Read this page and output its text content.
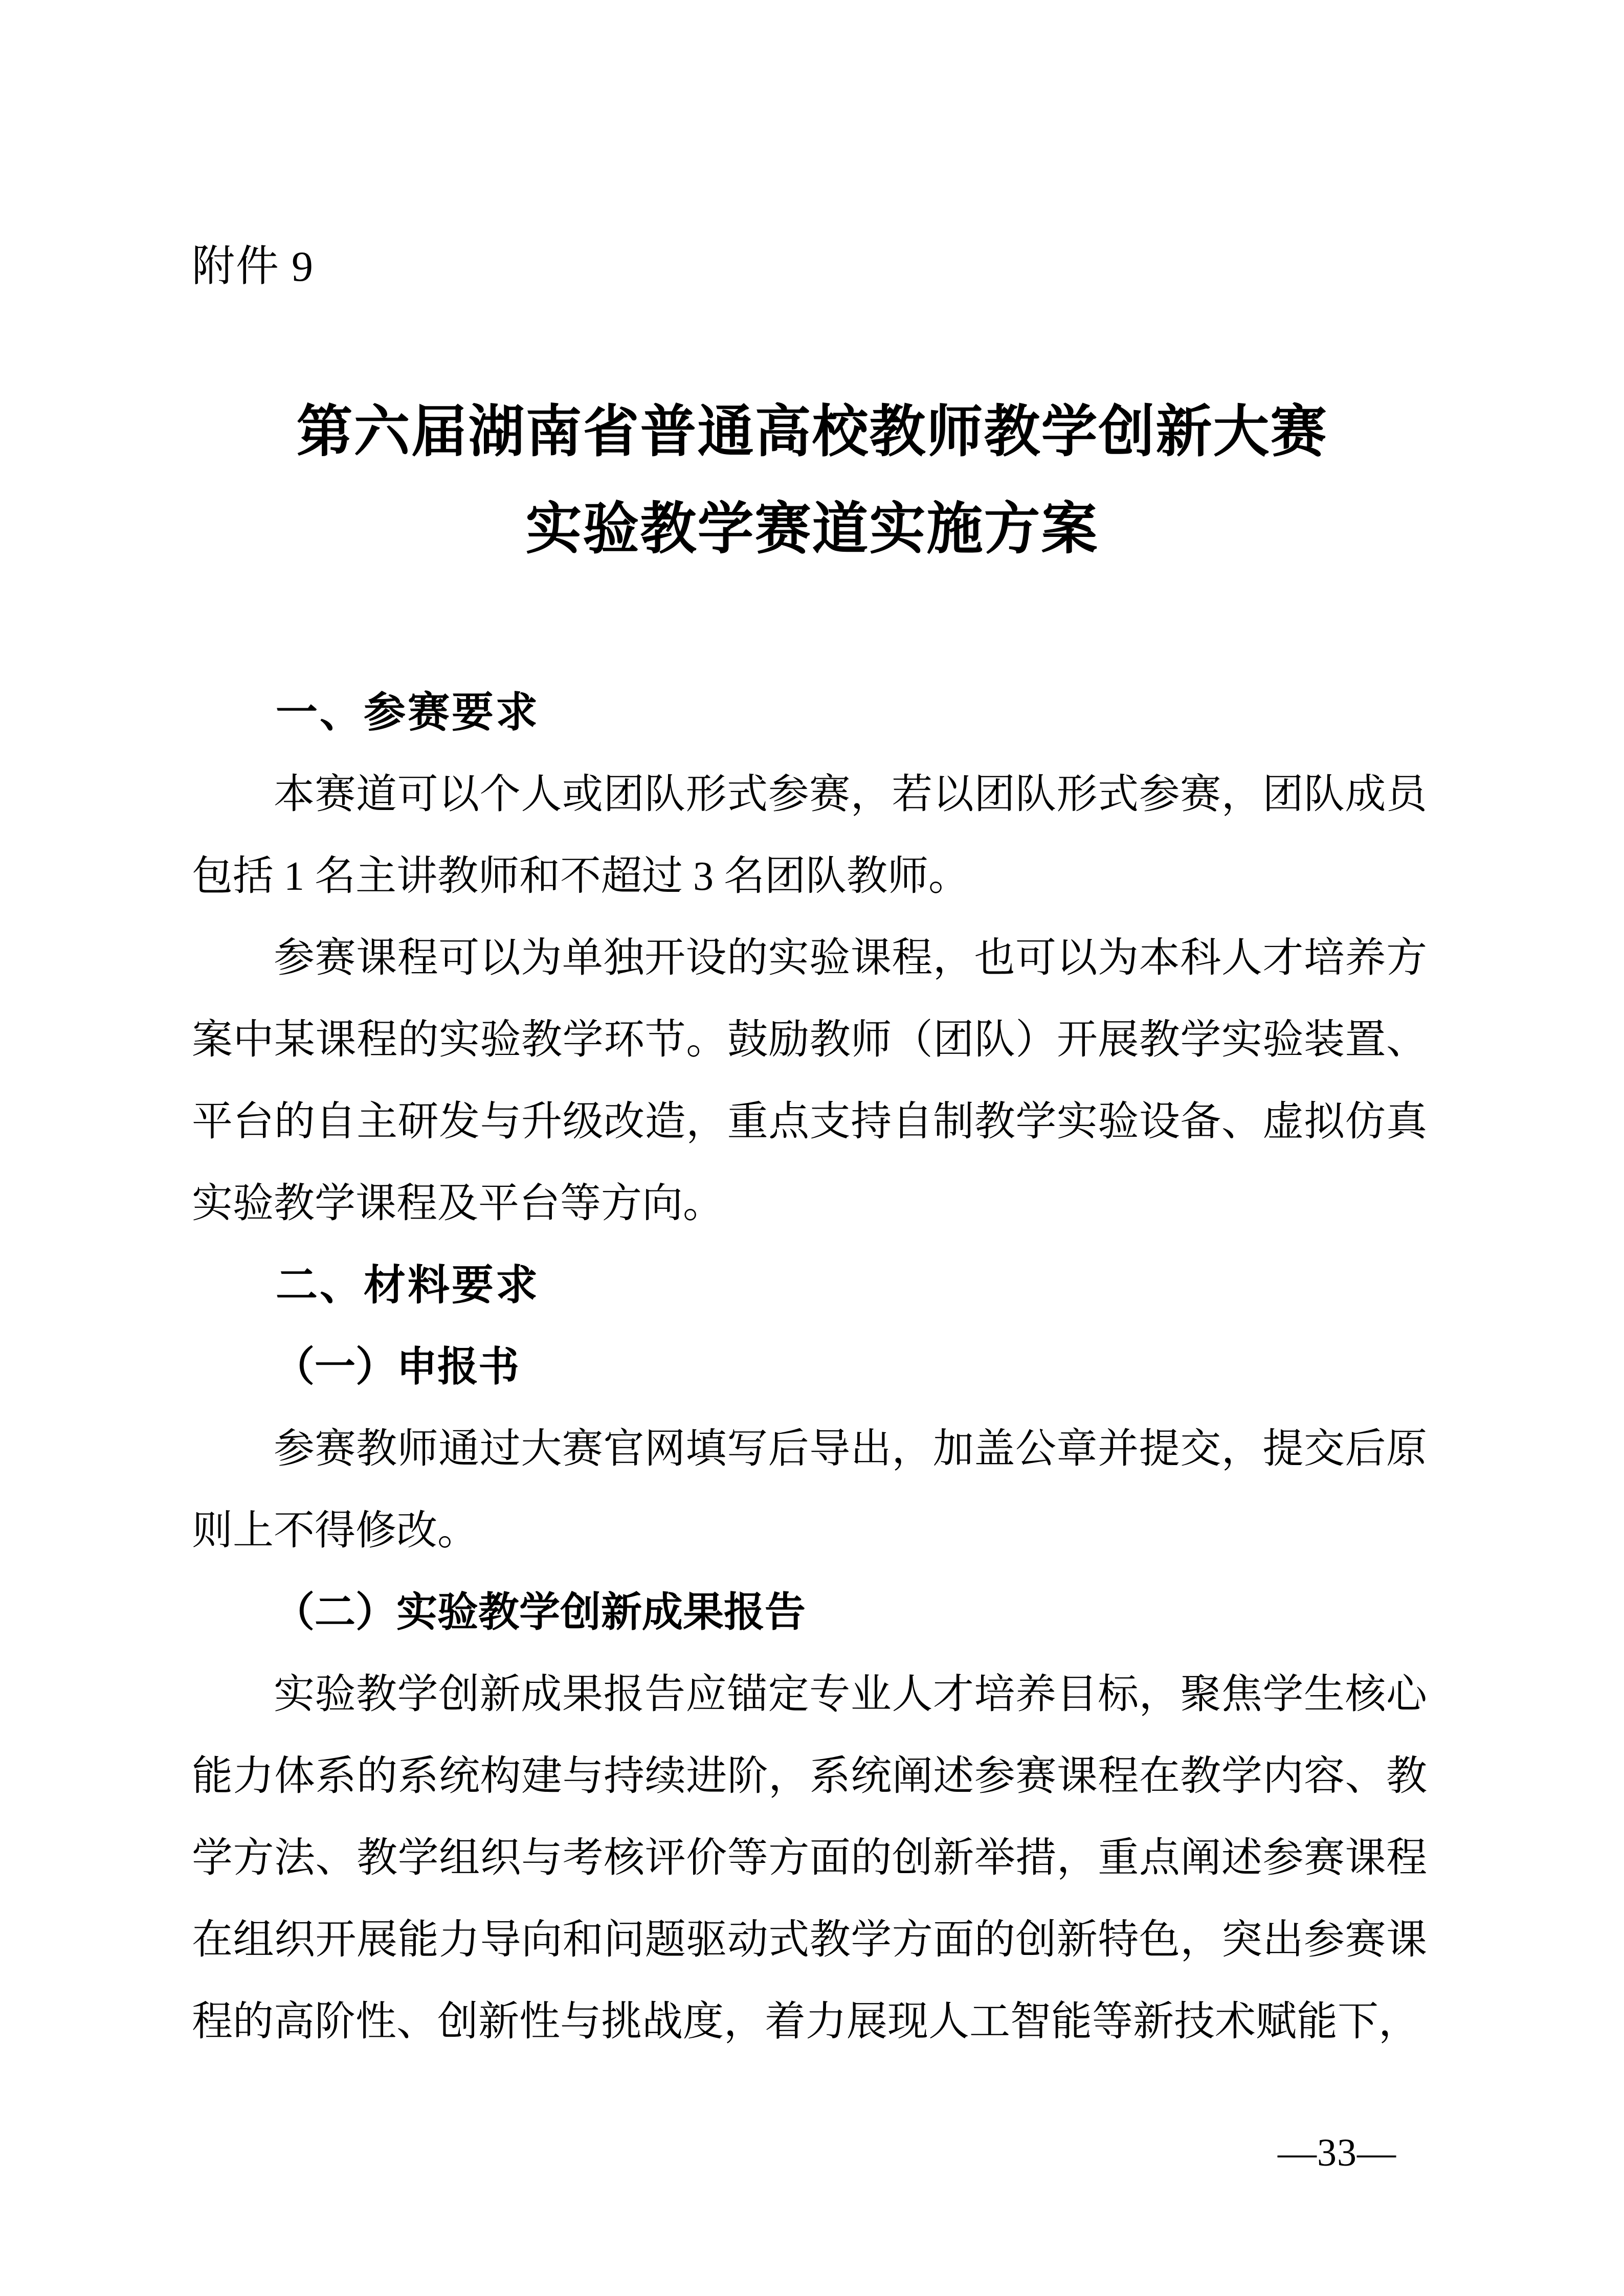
附件 9
第六届湖南省普通高校教师教学创新大赛
实验教学赛道实施方案
一、参赛要求

本赛道可以个人或团队形式参赛，若以团队形式参赛，团队成员包括 1 名主讲教师和不超过 3 名团队教师。

参赛课程可以为单独开设的实验课程，也可以为本科人才培养方案中某课程的实验教学环节。鼓励教师（团队）开展教学实验装置、平台的自主研发与升级改造，重点支持自制教学实验设备、虚拟仿真实验教学课程及平台等方向。

二、材料要求
（一）申报书

参赛教师通过大赛官网填写后导出，加盖公章并提交，提交后原则上不得修改。

（二）实验教学创新成果报告

实验教学创新成果报告应锚定专业人才培养目标，聚焦学生核心能力体系的系统构建与持续进阶，系统阐述参赛课程在教学内容、教学方法、教学组织与考核评价等方面的创新举措，重点阐述参赛课程在组织开展能力导向和问题驱动式教学方面的创新特色，突出参赛课程的高阶性、创新性与挑战度，着力展现人工智能等新技术赋能下，

—33—
